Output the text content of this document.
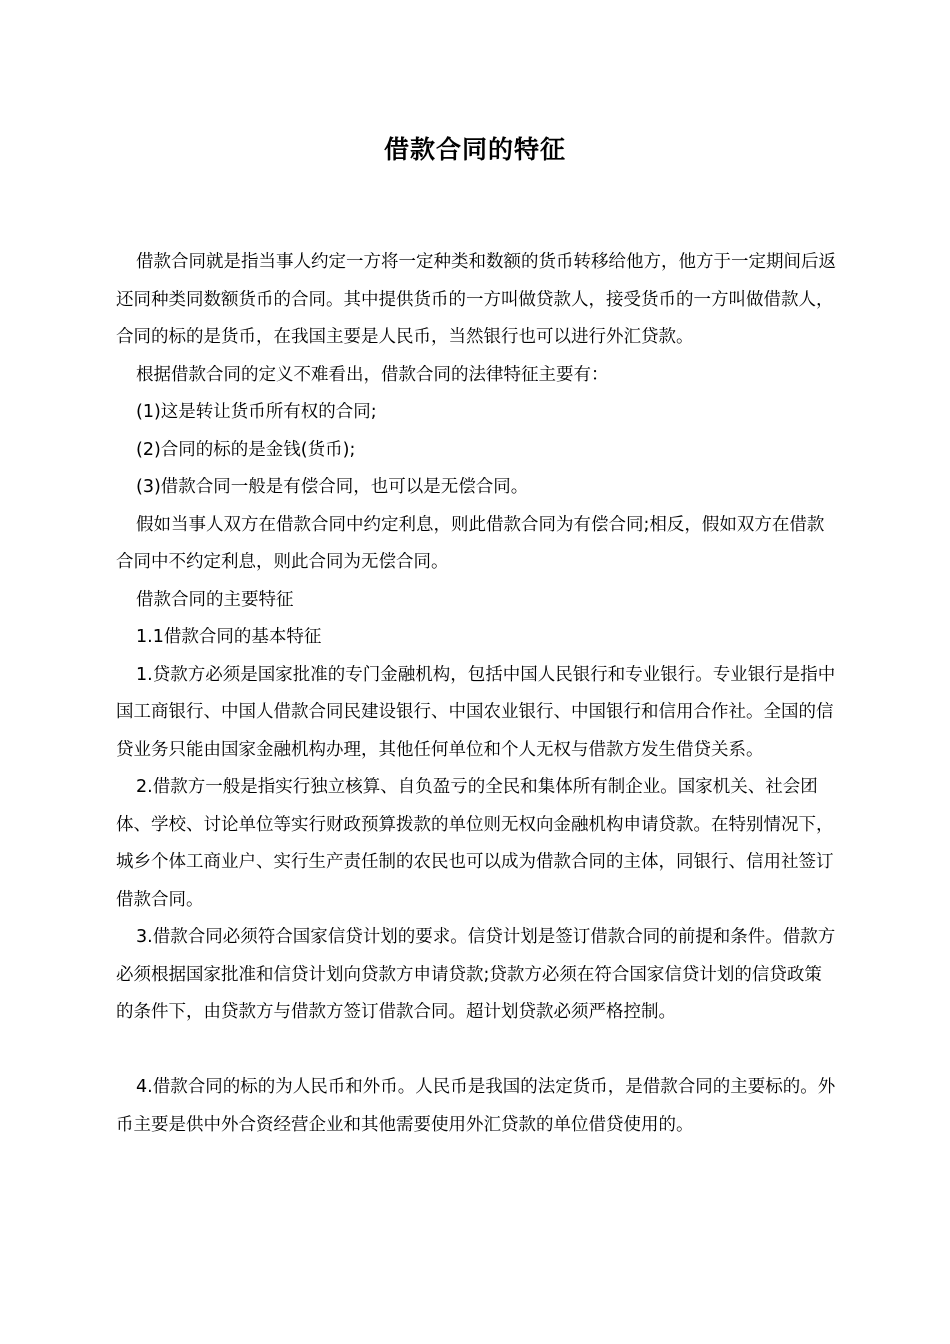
借款合同的特征

借款合同就是指当事人约定一方将一定种类和数额的货币转移给他方，他方于一定期间后返还同种类同数额货币的合同。其中提供货币的一方叫做贷款人，接受货币的一方叫做借款人，合同的标的是货币，在我国主要是人民币，当然银行也可以进行外汇贷款。

根据借款合同的定义不难看出，借款合同的法律特征主要有：

(1)这是转让货币所有权的合同;

(2)合同的标的是金钱(货币);

(3)借款合同一般是有偿合同，也可以是无偿合同。

假如当事人双方在借款合同中约定利息，则此借款合同为有偿合同;相反，假如双方在借款合同中不约定利息，则此合同为无偿合同。

借款合同的主要特征

1.1借款合同的基本特征

1.贷款方必须是国家批准的专门金融机构，包括中国人民银行和专业银行。专业银行是指中国工商银行、中国人借款合同民建设银行、中国农业银行、中国银行和信用合作社。全国的信贷业务只能由国家金融机构办理，其他任何单位和个人无权与借款方发生借贷关系。

2.借款方一般是指实行独立核算、自负盈亏的全民和集体所有制企业。国家机关、社会团体、学校、讨论单位等实行财政预算拨款的单位则无权向金融机构申请贷款。在特别情况下，城乡个体工商业户、实行生产责任制的农民也可以成为借款合同的主体，同银行、信用社签订借款合同。

3.借款合同必须符合国家信贷计划的要求。信贷计划是签订借款合同的前提和条件。借款方必须根据国家批准和信贷计划向贷款方申请贷款;贷款方必须在符合国家信贷计划的信贷政策的条件下，由贷款方与借款方签订借款合同。超计划贷款必须严格控制。

4.借款合同的标的为人民币和外币。人民币是我国的法定货币，是借款合同的主要标的。外币主要是供中外合资经营企业和其他需要使用外汇贷款的单位借贷使用的。
